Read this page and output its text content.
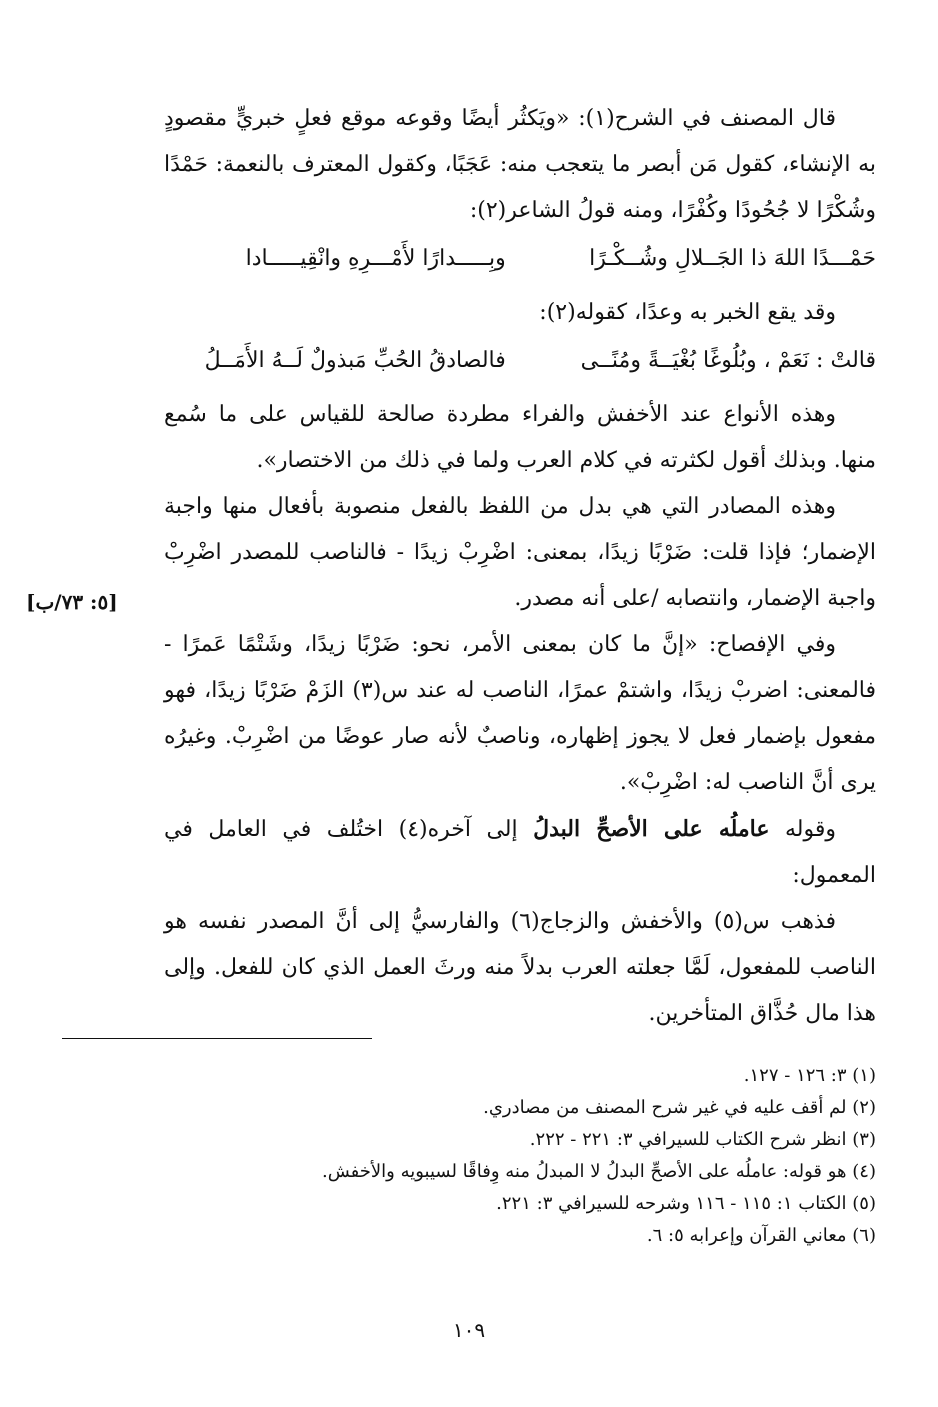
قال المصنف في الشرح(١): «ويَكثُر أيضًا وقوعه موقع فعلٍ خبريٍّ مقصودٍ به الإنشاء، كقول مَن أبصر ما يتعجب منه: عَجَبًا، وكقول المعترف بالنعمة: حَمْدًا وشُكْرًا لا جُحُودًا وكُفْرًا، ومنه قولُ الشاعر(٢):

حَمْـــدًا اللهَ ذا الجَــلالِ وشُــكْـرًا
وبِـــــدارًا لأَمْـــرِهِ وانْقِيـــــادا

وقد يقع الخبر به وعدًا، كقوله(٢):

قالتْ : نَعَمْ ، وبُلُوغًا بُغْيَــةً ومُنًــى
فالصادقُ الحُبِّ مَبذولٌ لَــهُ الأَمَــلُ

وهذه الأنواع عند الأخفش والفراء مطردة صالحة للقياس على ما سُمع منها. وبذلك أقول لكثرته في كلام العرب ولما في ذلك من الاختصار».

وهذه المصادر التي هي بدل من اللفظ بالفعل منصوبة بأفعال منها واجبة الإضمار؛ فإذا قلت: ضَرْبًا زيدًا، بمعنى: اضْرِبْ زيدًا - فالناصب للمصدر اضْرِبْ واجبة الإضمار، وانتصابه /على أنه مصدر.

وفي الإفصاح: «إنَّ ما كان بمعنى الأمر، نحو: ضَرْبًا زيدًا، وشَتْمًا عَمرًا - فالمعنى: اضربْ زيدًا، واشتمْ عمرًا، الناصب له عند س(٣) الزَمْ ضَرْبًا زيدًا، فهو مفعول بإضمار فعل لا يجوز إظهاره، وناصبٌ لأنه صار عوضًا من اضْرِبْ. وغيرُه يرى أنَّ الناصب له: اضْرِبْ».

وقوله عاملُه على الأصحِّ البدلُ إلى آخره(٤) اختُلف في العامل في المعمول:

فذهب س(٥) والأخفش والزجاج(٦) والفارسيُّ إلى أنَّ المصدر نفسه هو الناصب للمفعول، لَمَّا جعلته العرب بدلاً منه ورثَ العمل الذي كان للفعل. وإلى هذا مال حُذَّاق المتأخرين.

[٥: ٧٣/ب]
(١) ٣: ١٢٦ - ١٢٧.
(٢) لم أقف عليه في غير شرح المصنف من مصادري.
(٣) انظر شرح الكتاب للسيرافي ٣: ٢٢١ - ٢٢٢.
(٤) هو قوله: عاملُه على الأصحِّ البدلُ لا المبدلُ منه وِفاقًا لسيبويه والأخفش.
(٥) الكتاب ١: ١١٥ - ١١٦ وشرحه للسيرافي ٣: ٢٢١.
(٦) معاني القرآن وإعرابه ٥: ٦.
١٠٩
